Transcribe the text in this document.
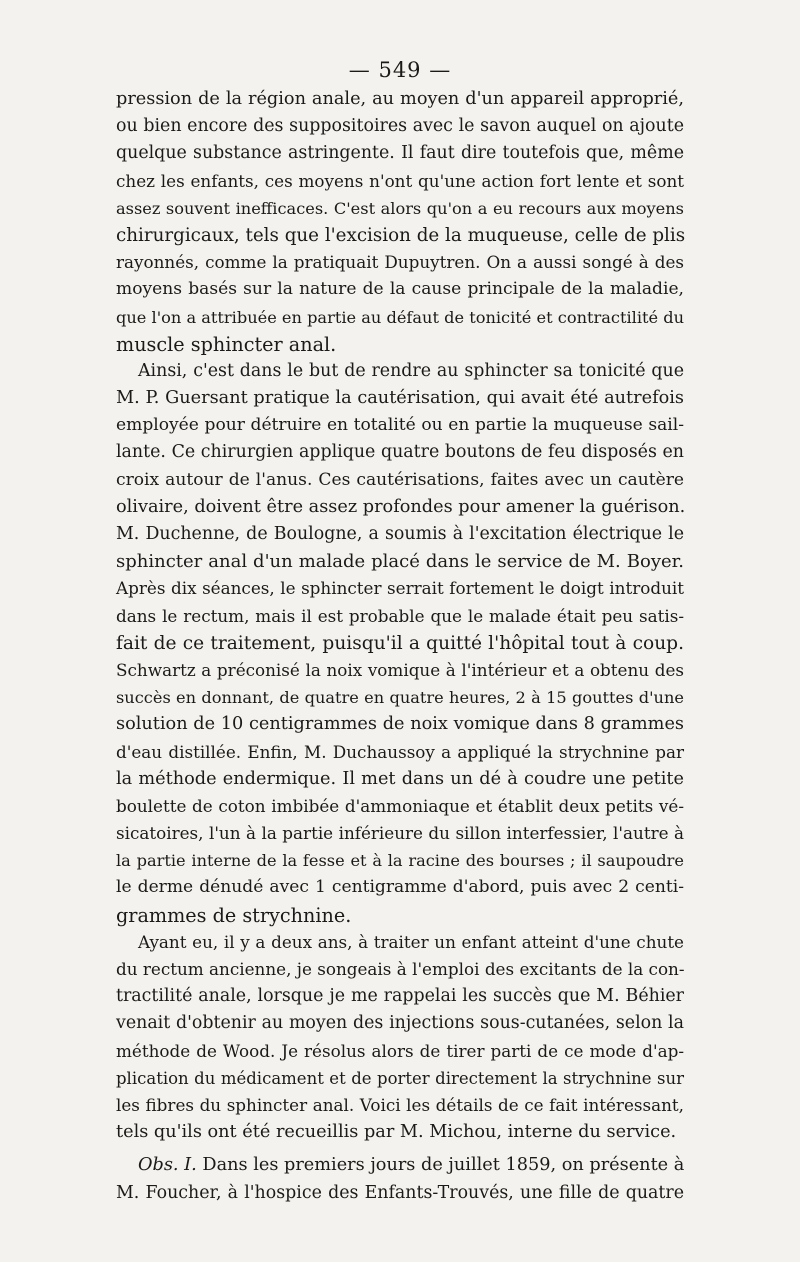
— 549 —
pression de la région anale, au moyen d'un appareil approprié,
ou bien encore des suppositoires avec le savon auquel on ajoute
quelque substance astringente. Il faut dire toutefois que, même
chez les enfants, ces moyens n'ont qu'une action fort lente et sont
assez souvent inefficaces. C'est alors qu'on a eu recours aux moyens
chirurgicaux, tels que l'excision de la muqueuse, celle de plis
rayonnés, comme la pratiquait Dupuytren. On a aussi songé à des
moyens basés sur la nature de la cause principale de la maladie,
que l'on a attribuée en partie au défaut de tonicité et contractilité du
muscle sphincter anal.
Ainsi, c'est dans le but de rendre au sphincter sa tonicité que
M. P. Guersant pratique la cautérisation, qui avait été autrefois
employée pour détruire en totalité ou en partie la muqueuse sail-
lante. Ce chirurgien applique quatre boutons de feu disposés en
croix autour de l'anus. Ces cautérisations, faites avec un cautère
olivaire, doivent être assez profondes pour amener la guérison.
M. Duchenne, de Boulogne, a soumis à l'excitation électrique le
sphincter anal d'un malade placé dans le service de M. Boyer.
Après dix séances, le sphincter serrait fortement le doigt introduit
dans le rectum, mais il est probable que le malade était peu satis-
fait de ce traitement, puisqu'il a quitté l'hôpital tout à coup.
Schwartz a préconisé la noix vomique à l'intérieur et a obtenu des
succès en donnant, de quatre en quatre heures, 2 à 15 gouttes d'une
solution de 10 centigrammes de noix vomique dans 8 grammes
d'eau distillée. Enfin, M. Duchaussoy a appliqué la strychnine par
la méthode endermique. Il met dans un dé à coudre une petite
boulette de coton imbibée d'ammoniaque et établit deux petits vé-
sicatoires, l'un à la partie inférieure du sillon interfessier, l'autre à
la partie interne de la fesse et à la racine des bourses ; il saupoudre
le derme dénudé avec 1 centigramme d'abord, puis avec 2 centi-
grammes de strychnine.
Ayant eu, il y a deux ans, à traiter un enfant atteint d'une chute
du rectum ancienne, je songeais à l'emploi des excitants de la con-
tractilité anale, lorsque je me rappelai les succès que M. Béhier
venait d'obtenir au moyen des injections sous-cutanées, selon la
méthode de Wood. Je résolus alors de tirer parti de ce mode d'ap-
plication du médicament et de porter directement la strychnine sur
les fibres du sphincter anal. Voici les détails de ce fait intéressant,
tels qu'ils ont été recueillis par M. Michou, interne du service.
Obs. I. Dans les premiers jours de juillet 1859, on présente à
M. Foucher, à l'hospice des Enfants-Trouvés, une fille de quatre
